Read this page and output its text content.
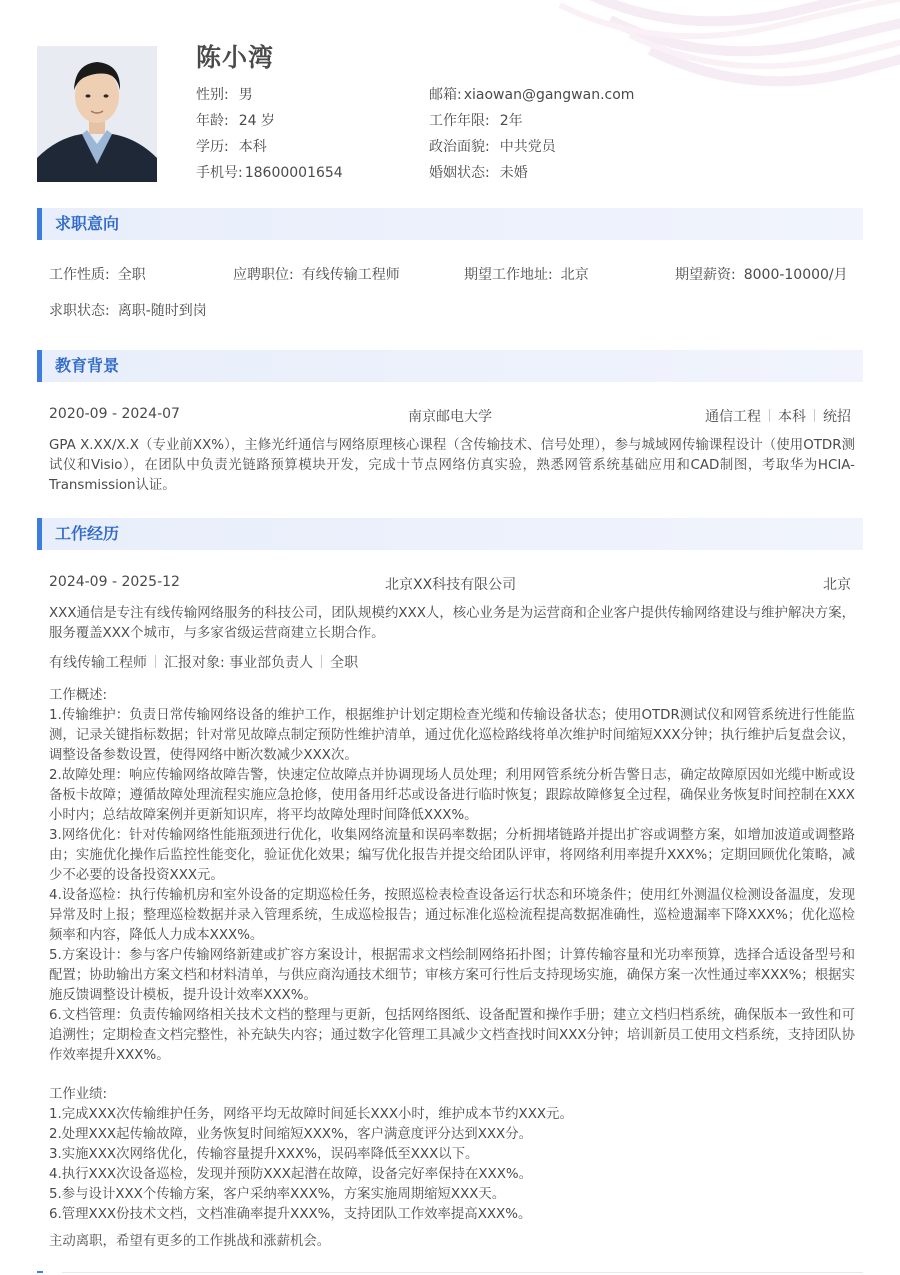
陈小湾
性别: 男	邮箱: xiaowan@gangwan.com
年龄: 24 岁	工作年限: 2年
学历: 本科	政治面貌: 中共党员
手机号: 18600001654	婚姻状态: 未婚
求职意向
工作性质: 全职	应聘职位: 有线传输工程师	期望工作地址: 北京	期望薪资: 8000-10000/月
求职状态: 离职-随时到岗
教育背景
2020-09 - 2024-07	南京邮电大学	通信工程 本科 统招
GPA X.XX/X.X（专业前XX%），主修光纤通信与网络原理核心课程（含传输技术、信号处理），参与城域网传输课程设计（使用OTDR测试仪和Visio），在团队中负责光链路预算模块开发，完成十节点网络仿真实验，熟悉网管系统基础应用和CAD制图，考取华为HCIA-Transmission认证。
工作经历
2024-09 - 2025-12	北京XX科技有限公司	北京
XXX通信是专注有线传输网络服务的科技公司，团队规模约XXX人，核心业务是为运营商和企业客户提供传输网络建设与维护解决方案，服务覆盖XXX个城市，与多家省级运营商建立长期合作。
有线传输工程师 汇报对象: 事业部负责人 全职
工作概述:
1.传输维护：负责日常传输网络设备的维护工作，根据维护计划定期检查光缆和传输设备状态；使用OTDR测试仪和网管系统进行性能监测，记录关键指标数据；针对常见故障点制定预防性维护清单，通过优化巡检路线将单次维护时间缩短XXX分钟；执行维护后复盘会议，调整设备参数设置，使得网络中断次数减少XXX次。
2.故障处理：响应传输网络故障告警，快速定位故障点并协调现场人员处理；利用网管系统分析告警日志，确定故障原因如光缆中断或设备板卡故障；遵循故障处理流程实施应急抢修，使用备用纤芯或设备进行临时恢复；跟踪故障修复全过程，确保业务恢复时间控制在XXX小时内；总结故障案例并更新知识库，将平均故障处理时间降低XXX%。
3.网络优化：针对传输网络性能瓶颈进行优化，收集网络流量和误码率数据；分析拥堵链路并提出扩容或调整方案，如增加波道或调整路由；实施优化操作后监控性能变化，验证优化效果；编写优化报告并提交给团队评审，将网络利用率提升XXX%；定期回顾优化策略，减少不必要的设备投资XXX元。
4.设备巡检：执行传输机房和室外设备的定期巡检任务，按照巡检表检查设备运行状态和环境条件；使用红外测温仪检测设备温度，发现异常及时上报；整理巡检数据并录入管理系统，生成巡检报告；通过标准化巡检流程提高数据准确性，巡检遗漏率下降XXX%；优化巡检频率和内容，降低人力成本XXX%。
5.方案设计：参与客户传输网络新建或扩容方案设计，根据需求文档绘制网络拓扑图；计算传输容量和光功率预算，选择合适设备型号和配置；协助输出方案文档和材料清单，与供应商沟通技术细节；审核方案可行性后支持现场实施，确保方案一次性通过率XXX%；根据实施反馈调整设计模板，提升设计效率XXX%。
6.文档管理：负责传输网络相关技术文档的整理与更新，包括网络图纸、设备配置和操作手册；建立文档归档系统，确保版本一致性和可追溯性；定期检查文档完整性，补充缺失内容；通过数字化管理工具减少文档查找时间XXX分钟；培训新员工使用文档系统，支持团队协作效率提升XXX%。
工作业绩:
1.完成XXX次传输维护任务，网络平均无故障时间延长XXX小时，维护成本节约XXX元。
2.处理XXX起传输故障，业务恢复时间缩短XXX%，客户满意度评分达到XXX分。
3.实施XXX次网络优化，传输容量提升XXX%，误码率降低至XXX以下。
4.执行XXX次设备巡检，发现并预防XXX起潜在故障，设备完好率保持在XXX%。
5.参与设计XXX个传输方案，客户采纳率XXX%，方案实施周期缩短XXX天。
6.管理XXX份技术文档，文档准确率提升XXX%，支持团队工作效率提高XXX%。
主动离职，希望有更多的工作挑战和涨薪机会。
